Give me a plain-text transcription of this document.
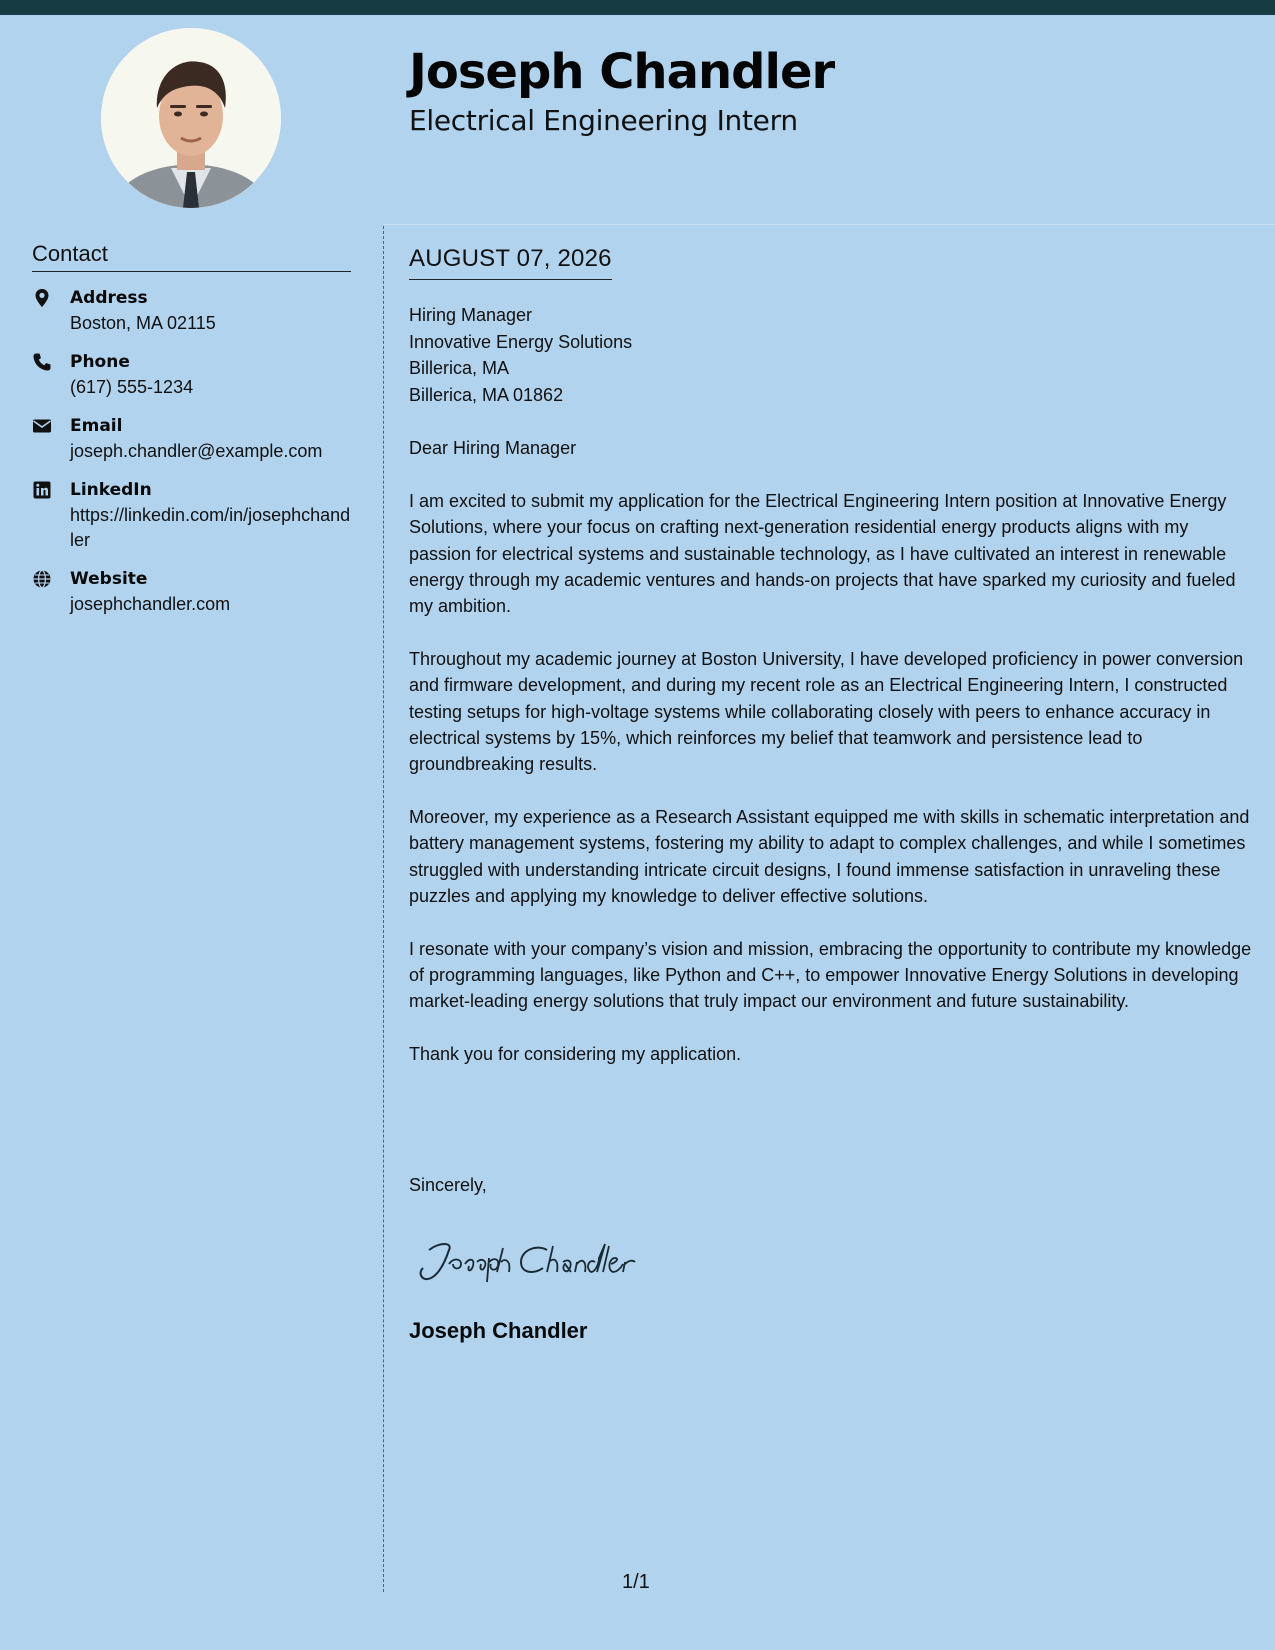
Joseph Chandler
Electrical Engineering Intern
Contact
Address
Boston, MA 02115
Phone
(617) 555-1234
Email
joseph.chandler@example.com
LinkedIn
https://linkedin.com/in/josephchandler
Website
josephchandler.com
AUGUST 07, 2026
Hiring Manager
Innovative Energy Solutions
Billerica, MA
Billerica, MA 01862
Dear Hiring Manager

I am excited to submit my application for the Electrical Engineering Intern position at Innovative Energy Solutions, where your focus on crafting next-generation residential energy products aligns with my passion for electrical systems and sustainable technology, as I have cultivated an interest in renewable energy through my academic ventures and hands-on projects that have sparked my curiosity and fueled my ambition.

Throughout my academic journey at Boston University, I have developed proficiency in power conversion and firmware development, and during my recent role as an Electrical Engineering Intern, I constructed testing setups for high-voltage systems while collaborating closely with peers to enhance accuracy in electrical systems by 15%, which reinforces my belief that teamwork and persistence lead to groundbreaking results.

Moreover, my experience as a Research Assistant equipped me with skills in schematic interpretation and battery management systems, fostering my ability to adapt to complex challenges, and while I sometimes struggled with understanding intricate circuit designs, I found immense satisfaction in unraveling these puzzles and applying my knowledge to deliver effective solutions.

I resonate with your company’s vision and mission, embracing the opportunity to contribute my knowledge of programming languages, like Python and C++, to empower Innovative Energy Solutions in developing market-leading energy solutions that truly impact our environment and future sustainability.

Thank you for considering my application.

Sincerely,
Joseph Chandler
1/1
